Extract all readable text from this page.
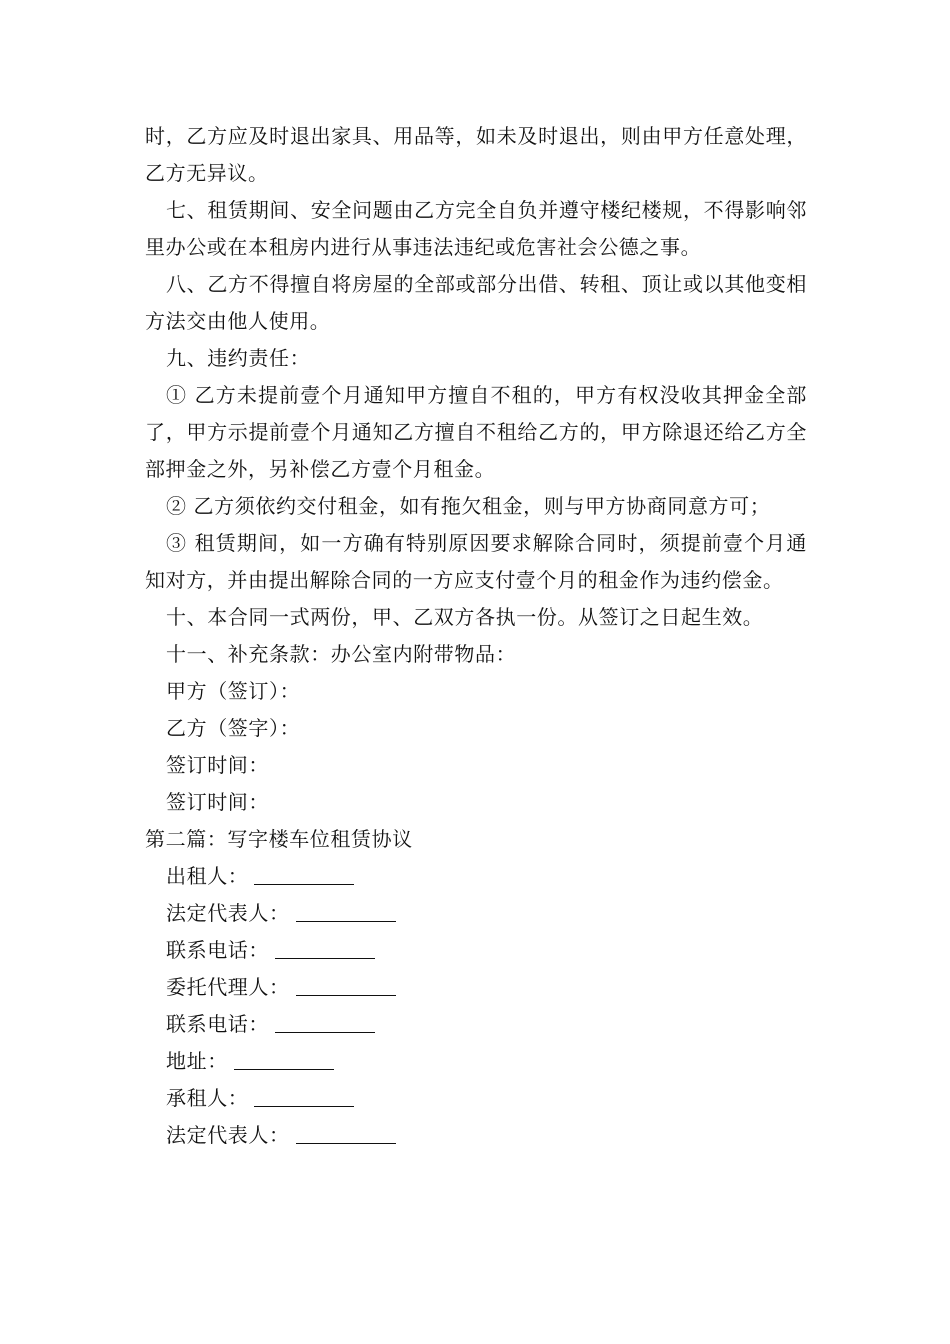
时，乙方应及时退出家具、用品等，如未及时退出，则由甲方任意处理，乙方无异议。
七、租赁期间、安全问题由乙方完全自负并遵守楼纪楼规，不得影响邻里办公或在本租房内进行从事违法违纪或危害社会公德之事。
八、乙方不得擅自将房屋的全部或部分出借、转租、顶让或以其他变相方法交由他人使用。
九、违约责任：
① 乙方未提前壹个月通知甲方擅自不租的，甲方有权没收其押金全部了，甲方示提前壹个月通知乙方擅自不租给乙方的，甲方除退还给乙方全部押金之外，另补偿乙方壹个月租金。
② 乙方须依约交付租金，如有拖欠租金，则与甲方协商同意方可；
③ 租赁期间，如一方确有特别原因要求解除合同时，须提前壹个月通知对方，并由提出解除合同的一方应支付壹个月的租金作为违约偿金。
十、本合同一式两份，甲、乙双方各执一份。从签订之日起生效。
十一、补充条款：办公室内附带物品：
甲方（签订）：
乙方（签字）：
签订时间：
签订时间：
第二篇：写字楼车位租赁协议
出租人：
法定代表人：
联系电话：
委托代理人：
联系电话：
地址：
承租人：
法定代表人：
